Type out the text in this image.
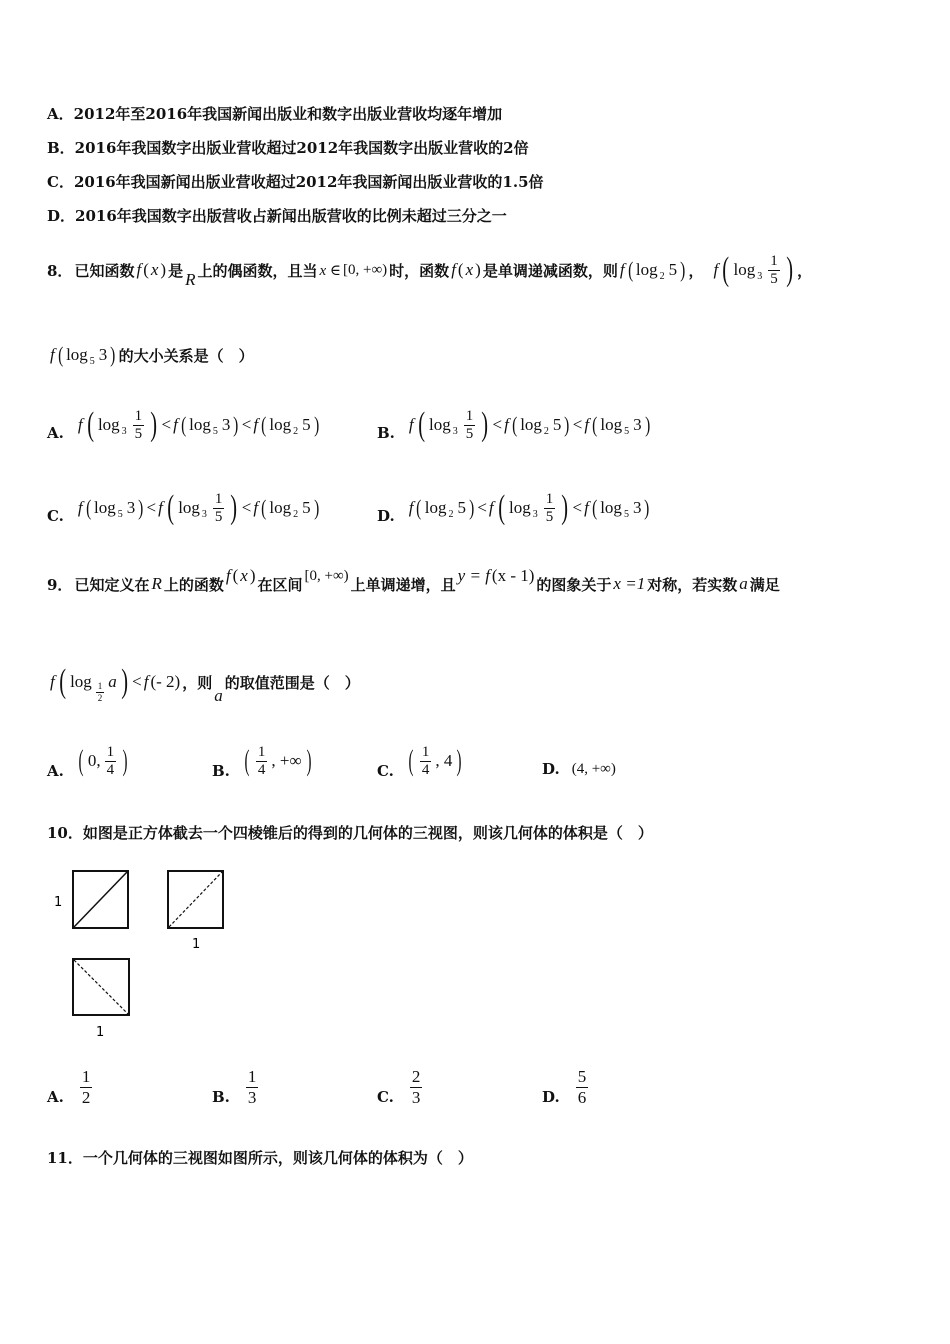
A．2012年至2016年我国新闻出版业和数字出版业营收均逐年增加
B．2016年我国数字出版业营收超过2012年我国数字出版业营收的2倍
C．2016年我国新闻出版业营收超过2012年我国新闻出版业营收的1.5倍
D．2016年我国数字出版营收占新闻出版营收的比例未超过三分之一
8． 已知函数 f ( x ) 是 R 上的偶函数，且当 x ∈ [0, +∞) 时，函数 f ( x ) 是单调递减函数，则 f ( log 2 5 ) ， f ( $\log 3 \frac{1}{5}$ ) ，
f ( log 5 3 ) 的大小关系是（　）
A. f ( $\log 3 \frac{1}{5}$ ) < f ( log 5 3 ) < f ( log 2 5 )	B. f ( $\log 3 \frac{1}{5}$ ) < f ( log 2 5 ) < f ( log 5 3 )
C. f ( log 5 3 ) < f ( $\log 3 \frac{1}{5}$ ) < f ( log 2 5 )	D. f ( log 2 5 ) < f ( $\log 3 \frac{1}{5}$ ) < f ( log 5 3 )
9． 已知定义在 R 上的函数 f ( x ) 在区间 [0, +∞) 上单调递增，且 y = f (x - 1) 的图象关于 x =1 对称，若实数 a 满足
f ( $\log \frac{1}{2}$ a ) < f (- 2) ，则
a
的取值范围是（　）
A. ( 0, $\frac{1}{4}$ )	B. ( $\frac{1}{4}$ , +∞ )	C. ( $\frac{1}{4}$ , 4 )	D. (4, +∞)
10．如图是正方体截去一个四棱锥后的得到的几何体的三视图，则该几何体的体积是（　）
1
1
1
A. $\frac{1}{2}$	B. $\frac{1}{3}$	C. $\frac{2}{3}$	D. $\frac{5}{6}$
11．一个几何体的三视图如图所示，则该几何体的体积为（　）
